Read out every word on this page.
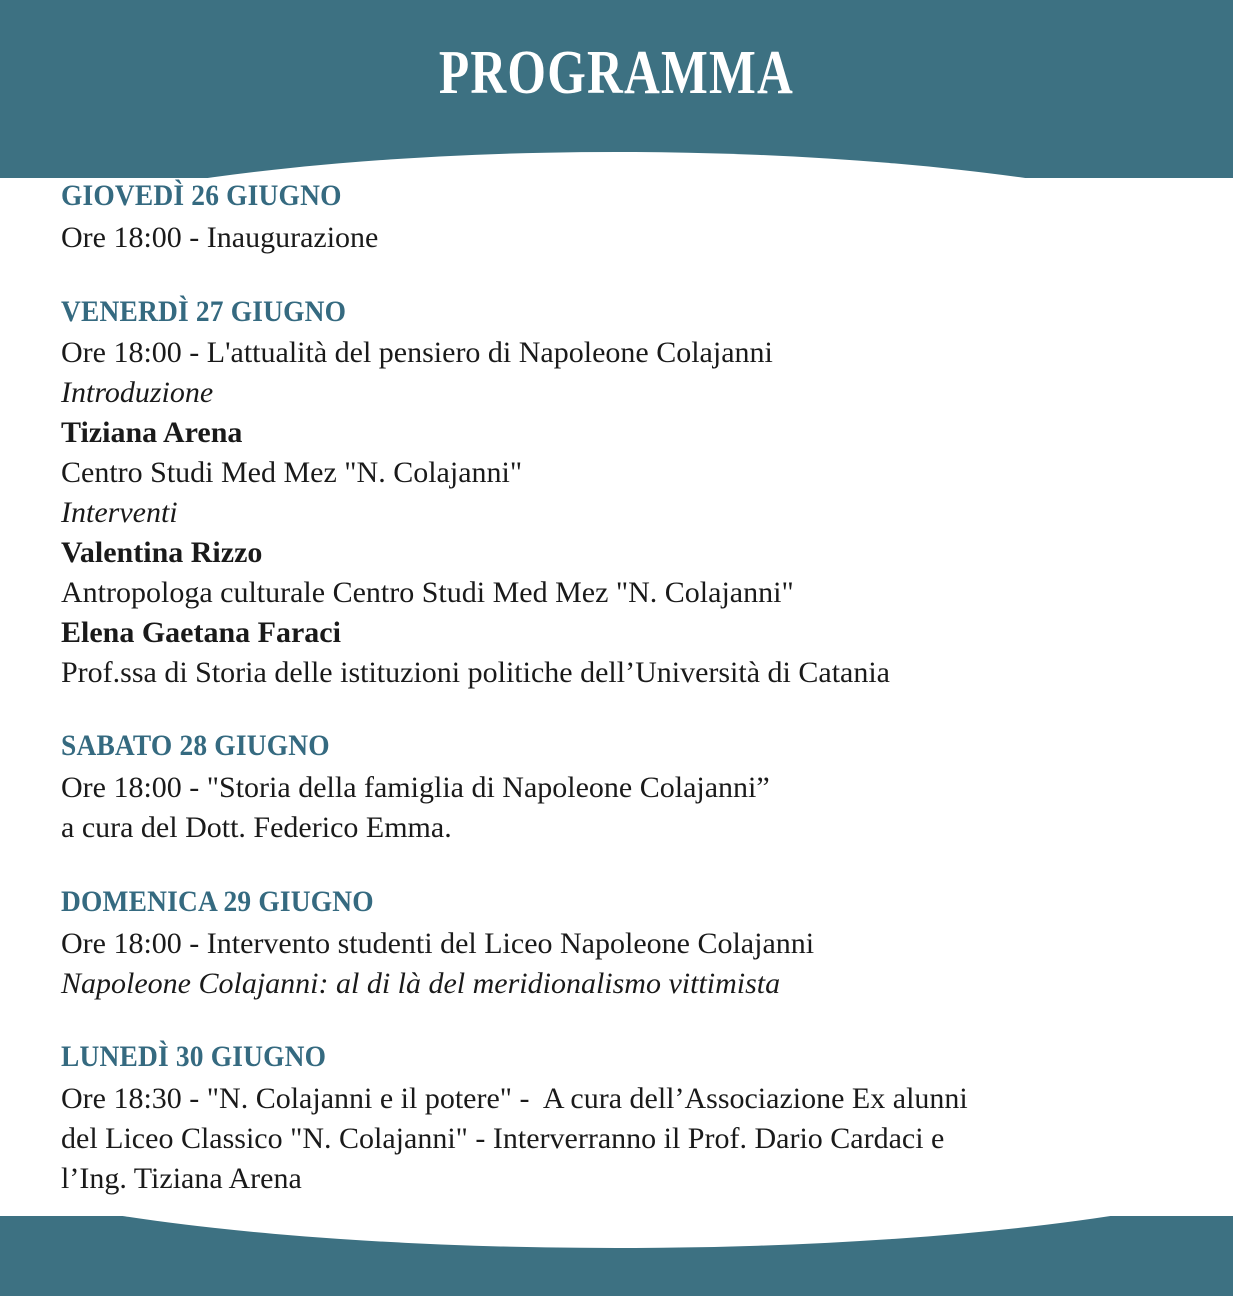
PROGRAMMA
GIOVEDÌ 26 GIUGNO
Ore 18:00 - Inaugurazione
VENERDÌ 27 GIUGNO
Ore 18:00 - L'attualità del pensiero di Napoleone Colajanni
Introduzione
Tiziana Arena
Centro Studi Med Mez "N. Colajanni"
Interventi
Valentina Rizzo
Antropologa culturale Centro Studi Med Mez "N. Colajanni"
Elena Gaetana Faraci
Prof.ssa di Storia delle istituzioni politiche dell’Università di Catania
SABATO 28 GIUGNO
Ore 18:00 - "Storia della famiglia di Napoleone Colajanni”
a cura del Dott. Federico Emma.
DOMENICA 29 GIUGNO
Ore 18:00 - Intervento studenti del Liceo Napoleone Colajanni
Napoleone Colajanni: al di là del meridionalismo vittimista
LUNEDÌ 30 GIUGNO
Ore 18:30 - "N. Colajanni e il potere" -  A cura dell’Associazione Ex alunni
del Liceo Classico "N. Colajanni" - Interverranno il Prof. Dario Cardaci e
l’Ing. Tiziana Arena
